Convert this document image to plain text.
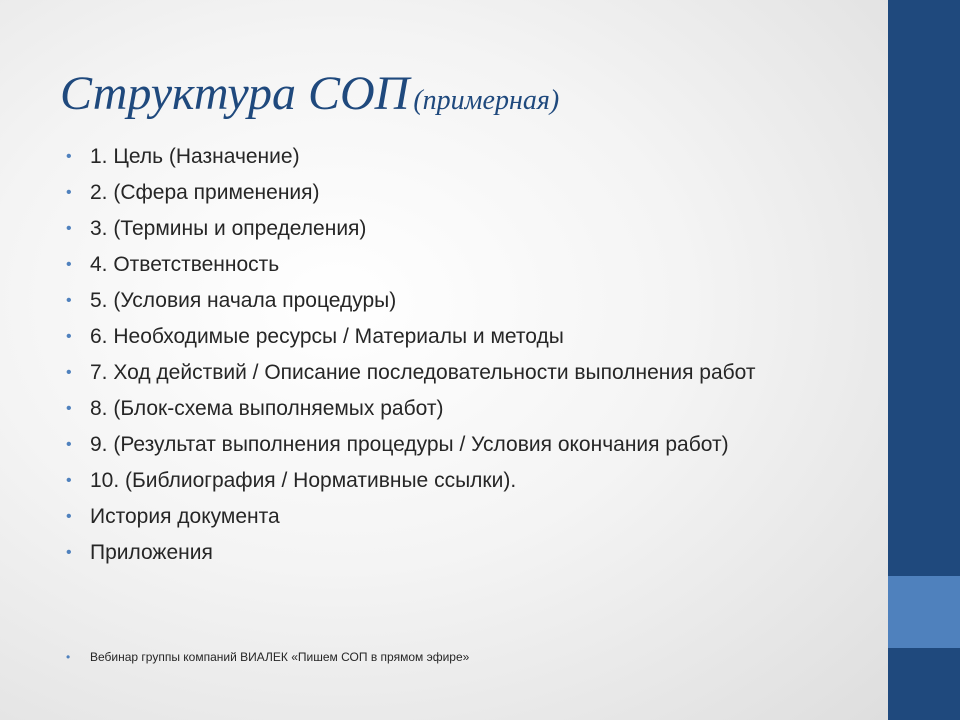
Структура СОП (примерная)
• 1. Цель (Назначение)
• 2. (Сфера применения)
• 3. (Термины и определения)
• 4. Ответственность
• 5. (Условия начала процедуры)
• 6. Необходимые ресурсы / Материалы и методы
• 7. Ход действий / Описание последовательности выполнения работ
• 8. (Блок-схема выполняемых работ)
• 9. (Результат выполнения процедуры / Условия окончания работ)
• 10. (Библиография / Нормативные ссылки).
• История документа
• Приложения
•	Вебинар группы компаний ВИАЛЕК «Пишем СОП в прямом эфире»
